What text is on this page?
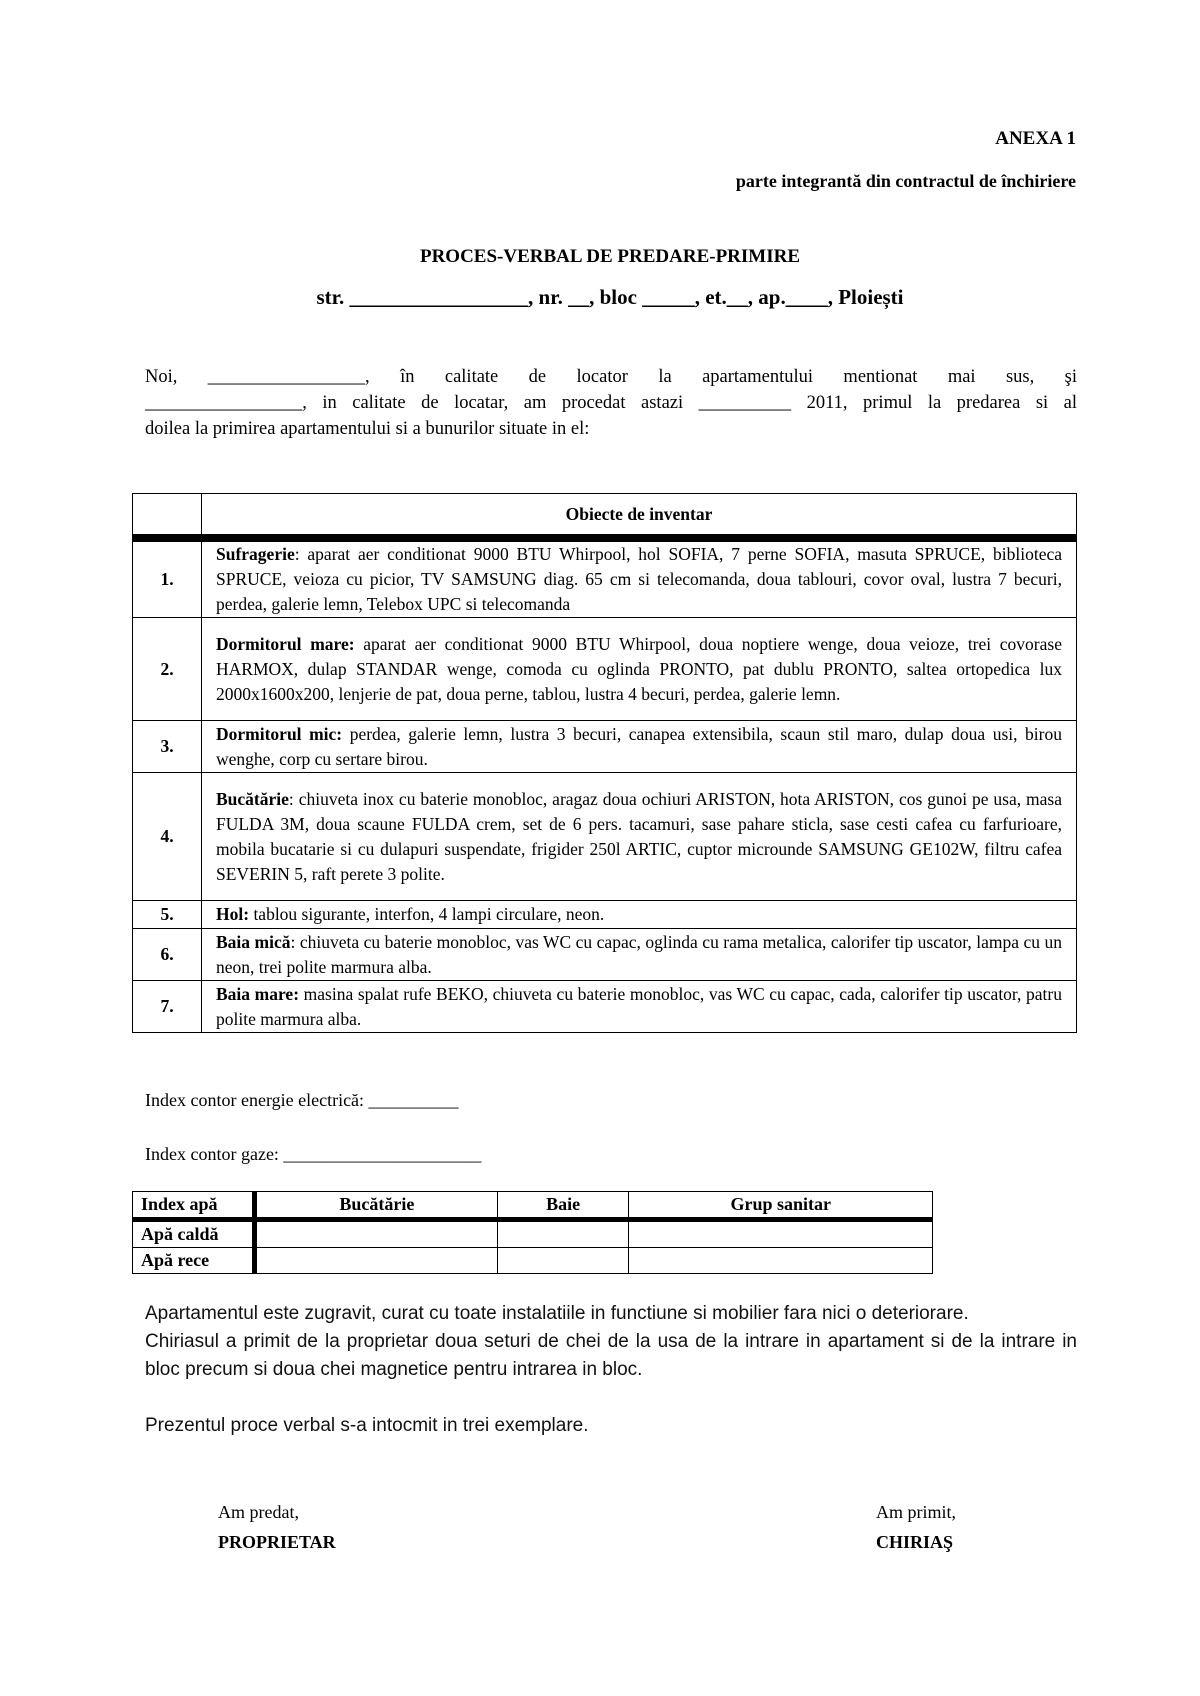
ANEXA 1
parte integrantă din contractul de închiriere
PROCES-VERBAL DE PREDARE-PRIMIRE
str. _________________, nr. __, bloc _____, et.__, ap.____, Ploiești
Noi, _________________, în calitate de locator la apartamentului mentionat mai sus, şi
_________________, in calitate de locatar, am procedat astazi __________ 2011, primul la predarea si al
doilea la primirea apartamentului si a bunurilor situate in el:
	Obiecte de inventar
1.	Sufragerie: aparat aer conditionat 9000 BTU Whirpool, hol SOFIA, 7 perne SOFIA, masuta SPRUCE, biblioteca SPRUCE, veioza cu picior, TV SAMSUNG diag. 65 cm si telecomanda, doua tablouri, covor oval, lustra 7 becuri, perdea, galerie lemn, Telebox UPC si telecomanda
2.	Dormitorul mare: aparat aer conditionat 9000 BTU Whirpool, doua noptiere wenge, doua veioze, trei covorase HARMOX, dulap STANDAR wenge, comoda cu oglinda PRONTO, pat dublu PRONTO, saltea ortopedica lux 2000x1600x200, lenjerie de pat, doua perne, tablou, lustra 4 becuri, perdea, galerie lemn.
3.	Dormitorul mic: perdea, galerie lemn, lustra 3 becuri, canapea extensibila, scaun stil maro, dulap doua usi, birou wenghe, corp cu sertare birou.
4.	Bucătărie: chiuveta inox cu baterie monobloc, aragaz doua ochiuri ARISTON, hota ARISTON, cos gunoi pe usa, masa FULDA 3M, doua scaune FULDA crem, set de 6 pers. tacamuri, sase pahare sticla, sase cesti cafea cu farfurioare, mobila bucatarie si cu dulapuri suspendate, frigider 250l ARTIC, cuptor microunde SAMSUNG GE102W, filtru cafea SEVERIN 5, raft perete 3 polite.
5.	Hol: tablou sigurante, interfon, 4 lampi circulare, neon.
6.	Baia mică: chiuveta cu baterie monobloc, vas WC cu capac, oglinda cu rama metalica, calorifer tip uscator, lampa cu un neon, trei polite marmura alba.
7.	Baia mare: masina spalat rufe BEKO, chiuveta cu baterie monobloc, vas WC cu capac, cada, calorifer tip uscator, patru polite marmura alba.
Index contor energie electrică: __________
Index contor gaze: ______________________
Index apă	Bucătărie	Baie	Grup sanitar
Apă caldă			
Apă rece			

Apartamentul este zugravit, curat cu toate instalatiile in functiune si mobilier fara nici o deteriorare.

Chiriasul a primit de la proprietar doua seturi de chei de la usa de la intrare in apartament si de la intrare in bloc precum si doua chei magnetice pentru intrarea in bloc.

Prezentul proce verbal s-a intocmit in trei exemplare.

Am predat,
PROPRIETAR
Am primit,
CHIRIAŞ
